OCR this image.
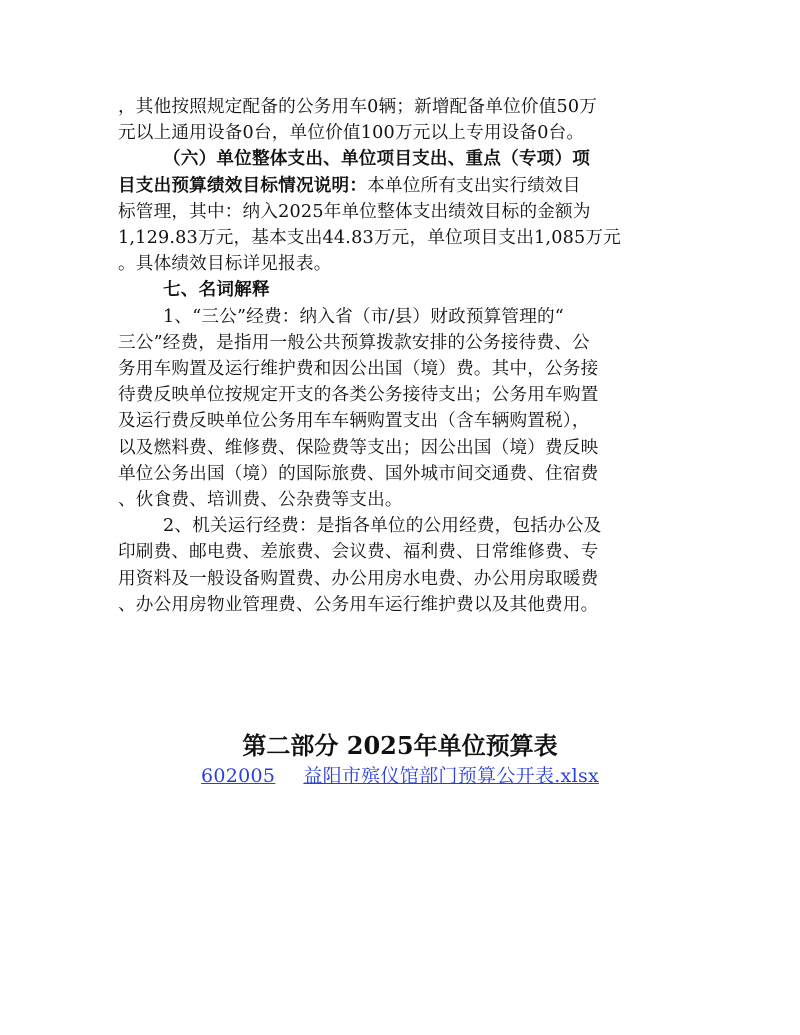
，其他按照规定配备的公务用车0辆；新增配备单位价值50万
元以上通用设备0台，单位价值100万元以上专用设备0台。
（六）单位整体支出、单位项目支出、重点（专项）项
目支出预算绩效目标情况说明：本单位所有支出实行绩效目
标管理，其中：纳入2025年单位整体支出绩效目标的金额为
1,129.83万元，基本支出44.83万元，单位项目支出1,085万元
。具体绩效目标详见报表。
七、名词解释
1、“三公”经费：纳入省（市/县）财政预算管理的“
三公”经费，是指用一般公共预算拨款安排的公务接待费、公
务用车购置及运行维护费和因公出国（境）费。其中，公务接
待费反映单位按规定开支的各类公务接待支出；公务用车购置
及运行费反映单位公务用车车辆购置支出（含车辆购置税），
以及燃料费、维修费、保险费等支出；因公出国（境）费反映
单位公务出国（境）的国际旅费、国外城市间交通费、住宿费
、伙食费、培训费、公杂费等支出。
2、机关运行经费：是指各单位的公用经费，包括办公及
印刷费、邮电费、差旅费、会议费、福利费、日常维修费、专
用资料及一般设备购置费、办公用房水电费、办公用房取暖费
、办公用房物业管理费、公务用车运行维护费以及其他费用。
第二部分 2025年单位预算表
602005 益阳市殡仪馆部门预算公开表.xlsx
